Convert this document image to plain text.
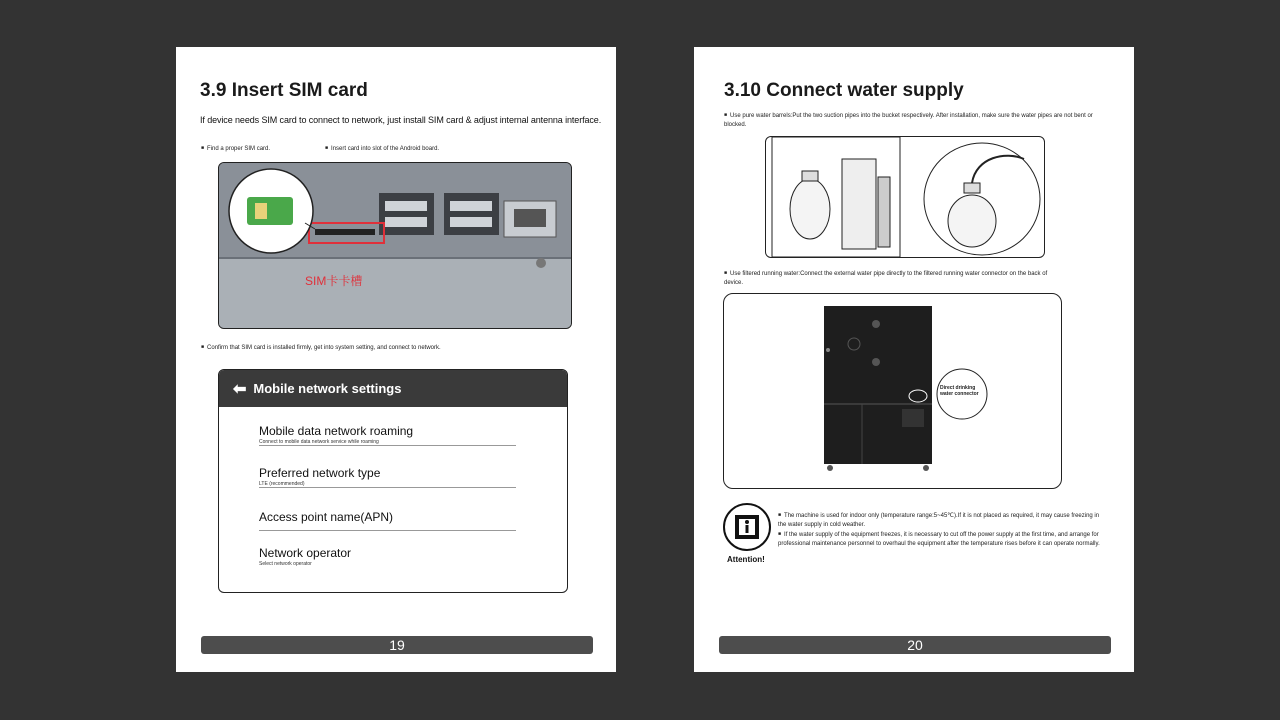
3.9 Insert SIM card
If device needs SIM card to connect to network, just install SIM card & adjust internal antenna interface.
■ Find a proper SIM card.
■	Insert card into slot of the Android board.
SIM卡卡槽
■ Confirm that SIM card is installed firmly, get into system setting, and connect to network.
⬅ Mobile network settings
Mobile data network roaming
Connect to mobile data network service while roaming
Preferred network type
LTE (recommended)
Access point name(APN)
Network operator
Select network operator
19
3.10 Connect water supply
■ Use pure water barrels:Put the two suction pipes into the bucket respectively. After installation, make sure the water pipes are not bent or blocked.
■ Use filtered running water:Connect the external water pipe directly to the filtered running water connector on the back of device.
Direct drinking water connector
Attention!
■ The machine is used for indoor only (temperature range:5~45℃).If it is not placed as required, it may cause freezing in the water supply in cold weather.
■ If the water supply of the equipment freezes, it is necessary to cut off the power supply at the first time, and arrange for professional maintenance personnel to overhaul the equipment after the temperature rises before it can operate normally.
20
